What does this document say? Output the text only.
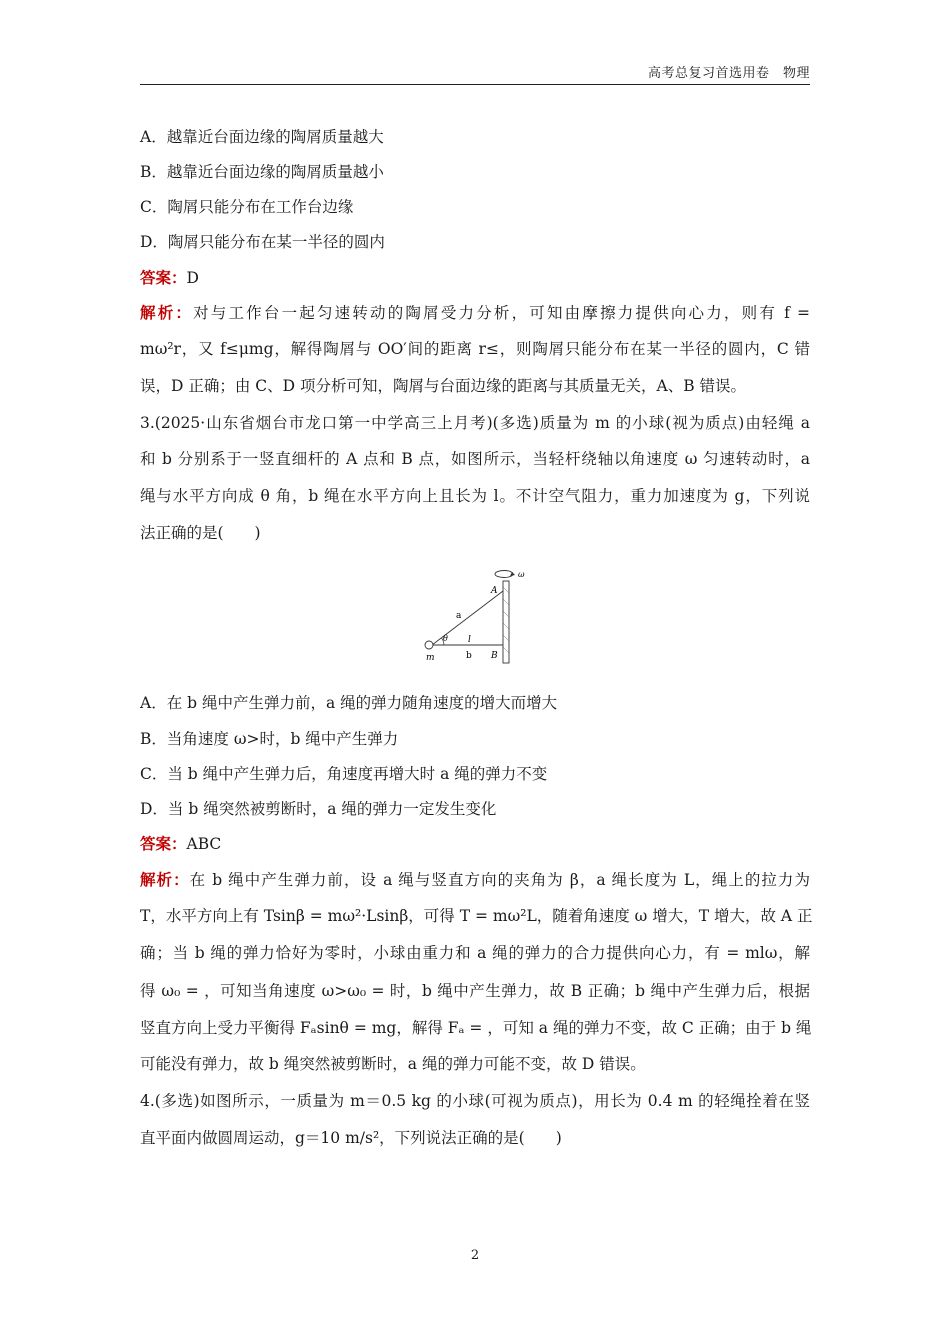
高考总复习首选用卷　物理
A．越靠近台面边缘的陶屑质量越大
B．越靠近台面边缘的陶屑质量越小
C．陶屑只能分布在工作台边缘
D．陶屑只能分布在某一半径的圆内
答案：D
解析：对与工作台一起匀速转动的陶屑受力分析，可知由摩擦力提供向心力，则有 f =
mω²r，又 f≤μmg，解得陶屑与 OO′间的距离 r≤，则陶屑只能分布在某一半径的圆内，C 错
误，D 正确；由 C、D 项分析可知，陶屑与台面边缘的距离与其质量无关，A、B 错误。
3.(2025·山东省烟台市龙口第一中学高三上月考)(多选)质量为 m 的小球(视为质点)由轻绳 a
和 b 分别系于一竖直细杆的 A 点和 B 点，如图所示，当轻杆绕轴以角速度 ω 匀速转动时，a
绳与水平方向成 θ 角，b 绳在水平方向上且长为 l。不计空气阻力，重力加速度为 g，下列说
法正确的是(　　)
ω
A
a
θ l
m	b B
A．在 b 绳中产生弹力前，a 绳的弹力随角速度的增大而增大
B．当角速度 ω>时，b 绳中产生弹力
C．当 b 绳中产生弹力后，角速度再增大时 a 绳的弹力不变
D．当 b 绳突然被剪断时，a 绳的弹力一定发生变化
答案：ABC
解析：在 b 绳中产生弹力前，设 a 绳与竖直方向的夹角为 β，a 绳长度为 L，绳上的拉力为
T，水平方向上有 Tsinβ = mω²·Lsinβ，可得 T = mω²L，随着角速度 ω 增大，T 增大，故 A 正
确；当 b 绳的弹力恰好为零时，小球由重力和 a 绳的弹力的合力提供向心力，有 = mlω，解
得 ω₀ = ，可知当角速度 ω>ω₀ = 时，b 绳中产生弹力，故 B 正确；b 绳中产生弹力后，根据
竖直方向上受力平衡得 Fₐsinθ = mg，解得 Fₐ = ，可知 a 绳的弹力不变，故 C 正确；由于 b 绳
可能没有弹力，故 b 绳突然被剪断时，a 绳的弹力可能不变，故 D 错误。
4.(多选)如图所示，一质量为 m＝0.5 kg 的小球(可视为质点)，用长为 0.4 m 的轻绳拴着在竖
直平面内做圆周运动，g＝10 m/s²，下列说法正确的是(　　)
2
